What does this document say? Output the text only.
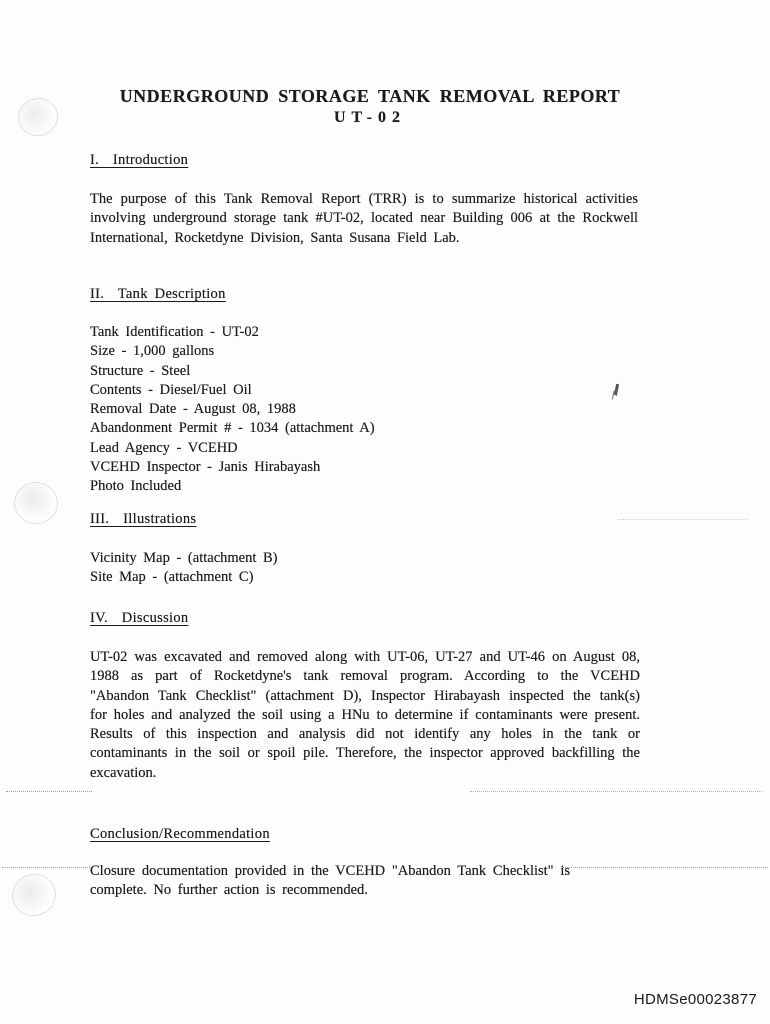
UNDERGROUND STORAGE TANK REMOVAL REPORT
UT-02
I.  Introduction
The purpose of this Tank Removal Report (TRR) is to summarize historical activities involving underground storage tank #UT-02, located near Building 006 at the Rockwell International, Rocketdyne Division, Santa Susana Field Lab.
II.  Tank Description
Tank Identification - UT-02
Size - 1,000 gallons
Structure - Steel
Contents - Diesel/Fuel Oil
Removal Date - August 08, 1988
Abandonment Permit # - 1034 (attachment A)
Lead Agency - VCEHD
VCEHD Inspector - Janis Hirabayash
Photo Included
III.  Illustrations
Vicinity Map - (attachment B)
Site Map - (attachment C)
IV.  Discussion
UT-02 was excavated and removed along with UT-06, UT-27 and UT-46 on August 08, 1988 as part of Rocketdyne's tank removal program. According to the VCEHD "Abandon Tank Checklist" (attachment D), Inspector Hirabayash inspected the tank(s) for holes and analyzed the soil using a HNu to determine if contaminants were present. Results of this inspection and analysis did not identify any holes in the tank or contaminants in the soil or spoil pile. Therefore, the inspector approved backfilling the excavation.
Conclusion/Recommendation
Closure documentation provided in the VCEHD "Abandon Tank Checklist" is complete. No further action is recommended.
HDMSe00023877
